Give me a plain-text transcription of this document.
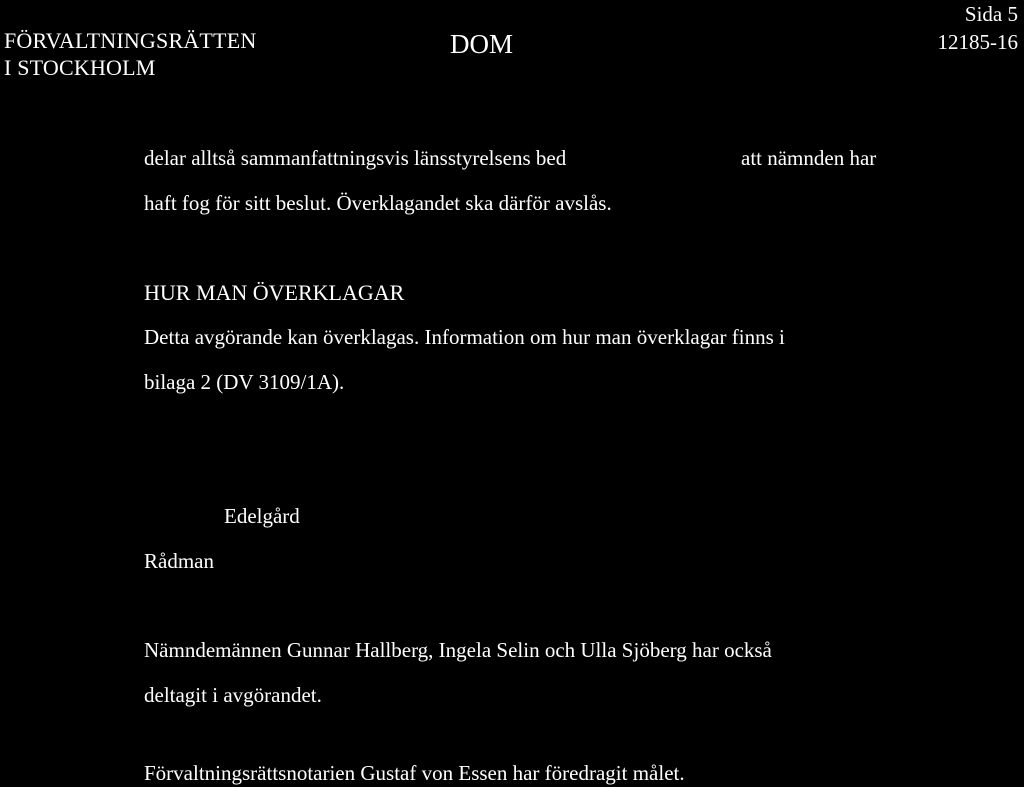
FÖRVALTNINGSRÄTTEN
I STOCKHOLM
DOM
Sida 5
12185-16
delar alltså sammanfattningsvis länsstyrelsens bed	att nämnden har
haft fog för sitt beslut. Överklagandet ska därför avslås.
HUR MAN ÖVERKLAGAR
Detta avgörande kan överklagas. Information om hur man överklagar finns i
bilaga 2 (DV 3109/1A).
Edelgård
Rådman
Nämndemännen Gunnar Hallberg, Ingela Selin och Ulla Sjöberg har också
deltagit i avgörandet.
Förvaltningsrättsnotarien Gustaf von Essen har föredragit målet.
